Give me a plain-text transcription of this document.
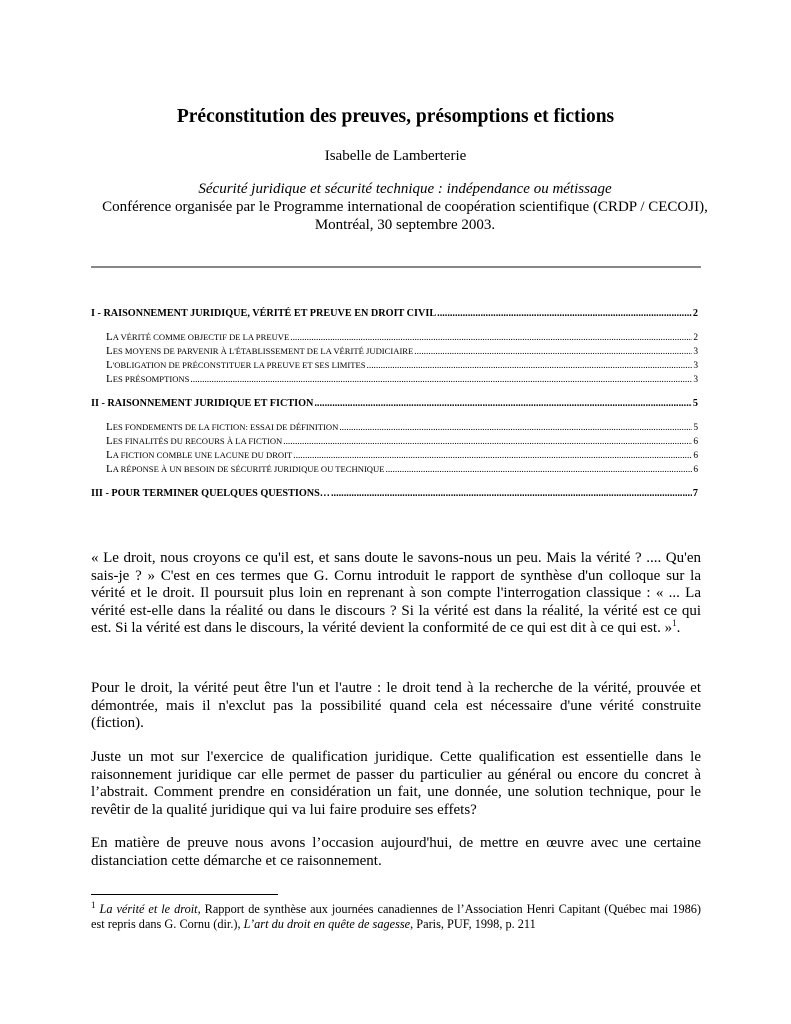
Préconstitution des preuves, présomptions et fictions
Isabelle de Lamberterie
Sécurité juridique et sécurité technique : indépendance ou métissage
Conférence organisée par le Programme international de coopération scientifique (CRDP / CECOJI), Montréal, 30 septembre 2003.
I - RAISONNEMENT JURIDIQUE, VÉRITÉ ET PREUVE EN DROIT CIVIL .....	2
LA VÉRITÉ COMME OBJECTIF DE LA PREUVE .....	2
LES MOYENS DE PARVENIR À L'ÉTABLISSEMENT DE LA VÉRITÉ JUDICIAIRE .....	3
L'OBLIGATION DE PRÉCONSTITUER LA PREUVE ET SES LIMITES .....	3
LES PRÉSOMPTIONS .....	3
II - RAISONNEMENT JURIDIQUE ET FICTION .....	5
LES FONDEMENTS DE LA FICTION: ESSAI DE DÉFINITION .....	5
LES FINALITÉS DU RECOURS À LA FICTION .....	6
LA FICTION COMBLE UNE LACUNE DU DROIT .....	6
LA RÉPONSE À UN BESOIN DE SÉCURITÉ JURIDIQUE OU TECHNIQUE .....	6
III - POUR TERMINER QUELQUES QUESTIONS… .....	7
« Le droit, nous croyons ce qu'il est, et sans doute le savons-nous un peu. Mais la vérité ? .... Qu'en sais-je ? » C'est en ces termes que G. Cornu introduit le rapport de synthèse d'un colloque sur la vérité et le droit. Il poursuit plus loin en reprenant à son compte l'interrogation classique : « ... La vérité est-elle dans la réalité ou dans le discours ? Si la vérité est dans la réalité, la vérité est ce qui est. Si la vérité est dans le discours, la vérité devient la conformité de ce qui est dit à ce qui est. »$^1$.
Pour le droit, la vérité peut être l'un et l'autre : le droit tend à la recherche de la vérité, prouvée et démontrée, mais il n'exclut pas la possibilité quand cela est nécessaire d'une vérité construite (fiction).
Juste un mot sur l'exercice de qualification juridique. Cette qualification est essentielle dans le raisonnement juridique car elle permet de passer du particulier au général ou encore du concret à l’abstrait. Comment prendre en considération un fait, une donnée, une solution technique, pour le revêtir de la qualité juridique qui va lui faire produire ses effets?
En matière de preuve nous avons l’occasion aujourd'hui, de mettre en œuvre avec une certaine distanciation cette démarche et ce raisonnement.
$^1$ La vérité et le droit, Rapport de synthèse aux journées canadiennes de l’Association Henri Capitant (Québec mai 1986) est repris dans G. Cornu (dir.), L’art du droit en quête de sagesse, Paris, PUF, 1998, p. 211
